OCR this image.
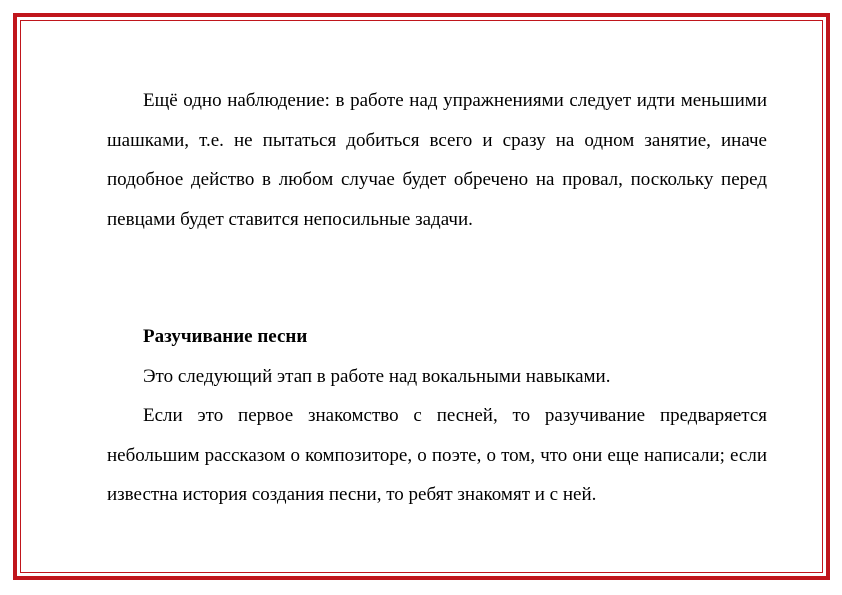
Ещё одно наблюдение: в работе над упражнениями следует идти меньшими шашками, т.е. не пытаться добиться всего и сразу на одном занятие, иначе подобное действо в любом случае будет обречено на провал, поскольку перед певцами будет ставится непосильные задачи.

Разучивание песни

Это следующий этап в работе над вокальными навыками.

Если это первое знакомство с песней, то разучивание предваряется небольшим рассказом о композиторе, о поэте, о том, что они еще написали; если известна история создания песни, то ребят знакомят и с ней.
